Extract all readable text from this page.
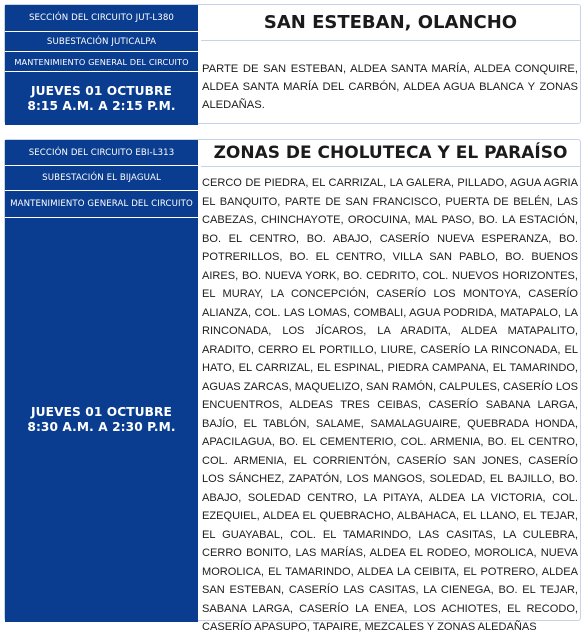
SECCIÓN DEL CIRCUITO JUT-L380
SUBESTACIÓN JUTICALPA
MANTENIMIENTO GENERAL DEL CIRCUITO
JUEVES 01 OCTUBRE
8:15 A.M. A 2:15 P.M.
SAN ESTEBAN, OLANCHO
PARTE DE SAN ESTEBAN, ALDEA SANTA MARÍA, ALDEA CONQUIRE, ALDEA SANTA MARÍA DEL CARBÓN, ALDEA AGUA BLANCA Y ZONAS ALEDAÑAS.
SECCIÓN DEL CIRCUITO EBI-L313
SUBESTACIÓN EL BIJAGUAL
MANTENIMIENTO GENERAL DEL CIRCUITO
JUEVES 01 OCTUBRE
8:30 A.M. A 2:30 P.M.
ZONAS DE CHOLUTECA Y EL PARAÍSO
CERCO DE PIEDRA, EL CARRIZAL, LA GALERA, PILLADO, AGUA AGRIA EL BANQUITO, PARTE DE SAN FRANCISCO, PUERTA DE BELÉN, LAS CABEZAS, CHINCHAYOTE, OROCUINA, MAL PASO, BO. LA ESTACIÓN, BO. EL CENTRO, BO. ABAJO, CASERÍO NUEVA ESPERANZA, BO. POTRERILLOS, BO. EL CENTRO, VILLA SAN PABLO, BO. BUENOS AIRES, BO. NUEVA YORK, BO. CEDRITO, COL. NUEVOS HORIZONTES, EL MURAY, LA CONCEPCIÓN, CASERÍO LOS MONTOYA, CASERÍO ALIANZA, COL. LAS LOMAS, COMBALI, AGUA PODRIDA, MATAPALO, LA RINCONADA, LOS JÍCAROS, LA ARADITA, ALDEA MATAPALITO, ARADITO, CERRO EL PORTILLO, LIURE, CASERÍO LA RINCONADA, EL HATO, EL CARRIZAL, EL ESPINAL, PIEDRA CAMPANA, EL TAMARINDO, AGUAS ZARCAS, MAQUELIZO, SAN RAMÓN, CALPULES, CASERÍO LOS ENCUENTROS, ALDEAS TRES CEIBAS, CASERÍO SABANA LARGA, BAJÍO, EL TABLÓN, SALAME, SAMALAGUAIRE, QUEBRADA HONDA, APACILAGUA, BO. EL CEMENTERIO, COL. ARMENIA, BO. EL CENTRO, COL. ARMENIA, EL CORRIENTÓN, CASERÍO SAN JONES, CASERÍO LOS SÁNCHEZ, ZAPATÓN, LOS MANGOS, SOLEDAD, EL BAJILLO, BO. ABAJO, SOLEDAD CENTRO, LA PITAYA, ALDEA LA VICTORIA, COL. EZEQUIEL, ALDEA EL QUEBRACHO, ALBAHACA, EL LLANO, EL TEJAR, EL GUAYABAL, COL. EL TAMARINDO, LAS CASITAS, LA CULEBRA, CERRO BONITO, LAS MARÍAS, ALDEA EL RODEO, MOROLICA, NUEVA MOROLICA, EL TAMARINDO, ALDEA LA CEIBITA, EL POTRERO, ALDEA SAN ESTEBAN, CASERÍO LAS CASITAS, LA CIENEGA, BO. EL TEJAR, SABANA LARGA, CASERÍO LA ENEA, LOS ACHIOTES, EL RECODO, CASERÍO APASUPO, TAPAIRE, MEZCALES Y ZONAS ALEDAÑAS
